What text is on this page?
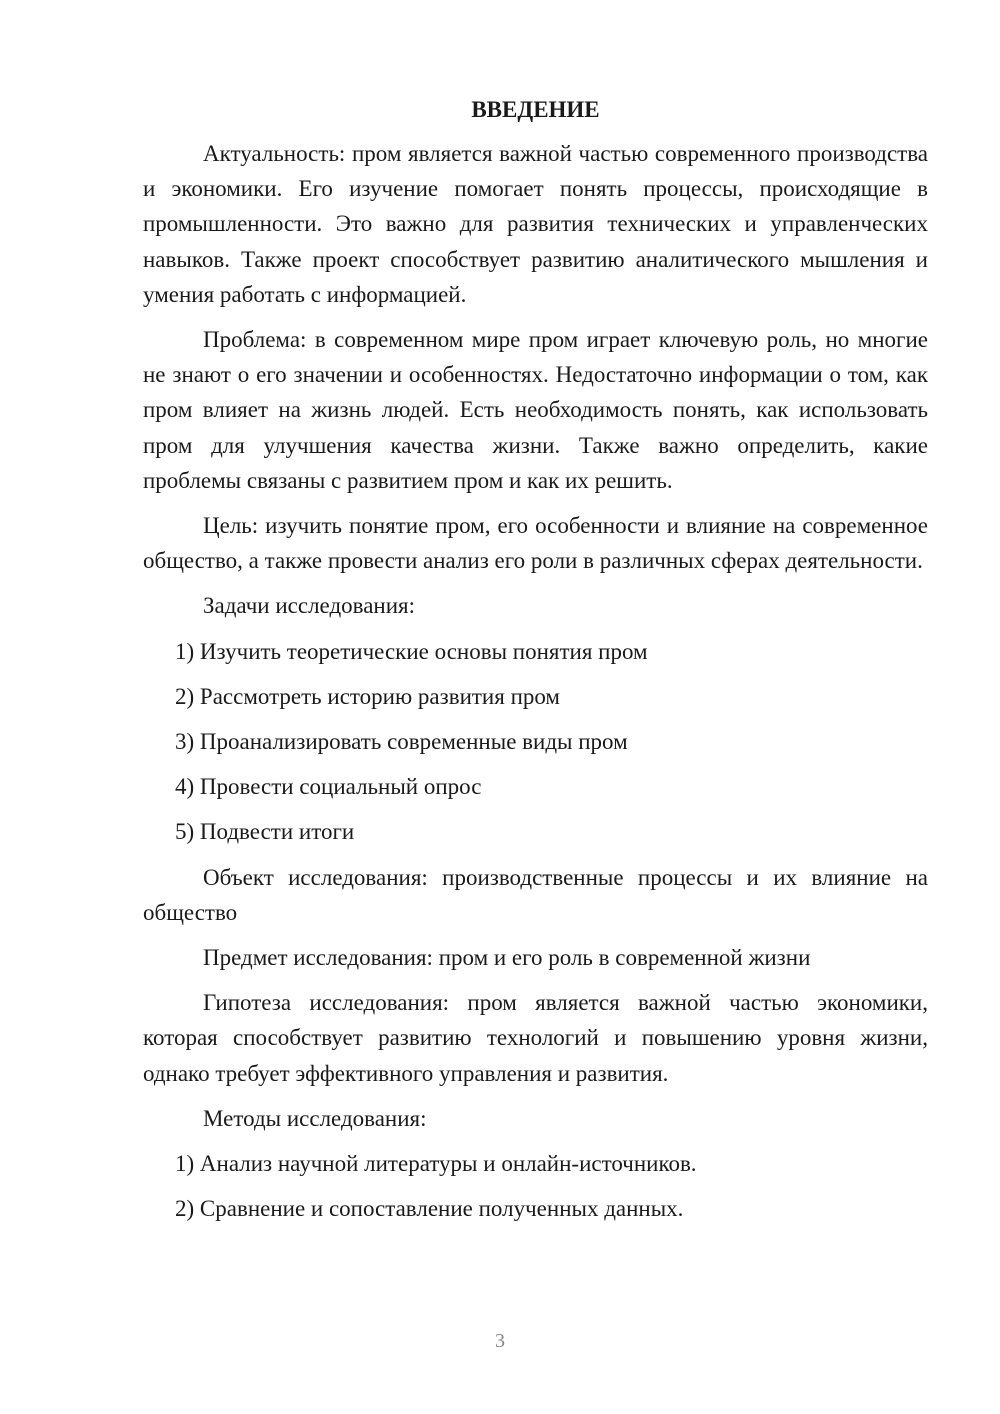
ВВЕДЕНИЕ

Актуальность: пром является важной частью современного производства и экономики. Его изучение помогает понять процессы, происходящие в промышленности. Это важно для развития технических и управленческих навыков. Также проект способствует развитию аналитического мышления и умения работать с информацией.

Проблема: в современном мире пром играет ключевую роль, но многие не знают о его значении и особенностях. Недостаточно информации о том, как пром влияет на жизнь людей. Есть необходимость понять, как использовать пром для улучшения качества жизни. Также важно определить, какие проблемы связаны с развитием пром и как их решить.

Цель: изучить понятие пром, его особенности и влияние на современное общество, а также провести анализ его роли в различных сферах деятельности.

Задачи исследования:

1) Изучить теоретические основы понятия пром
2) Рассмотреть историю развития пром
3) Проанализировать современные виды пром
4) Провести социальный опрос
5) Подвести итоги

Объект исследования: производственные процессы и их влияние на общество

Предмет исследования: пром и его роль в современной жизни

Гипотеза исследования: пром является важной частью экономики, которая способствует развитию технологий и повышению уровня жизни, однако требует эффективного управления и развития.

Методы исследования:

1) Анализ научной литературы и онлайн-источников.
2) Сравнение и сопоставление полученных данных.
3
